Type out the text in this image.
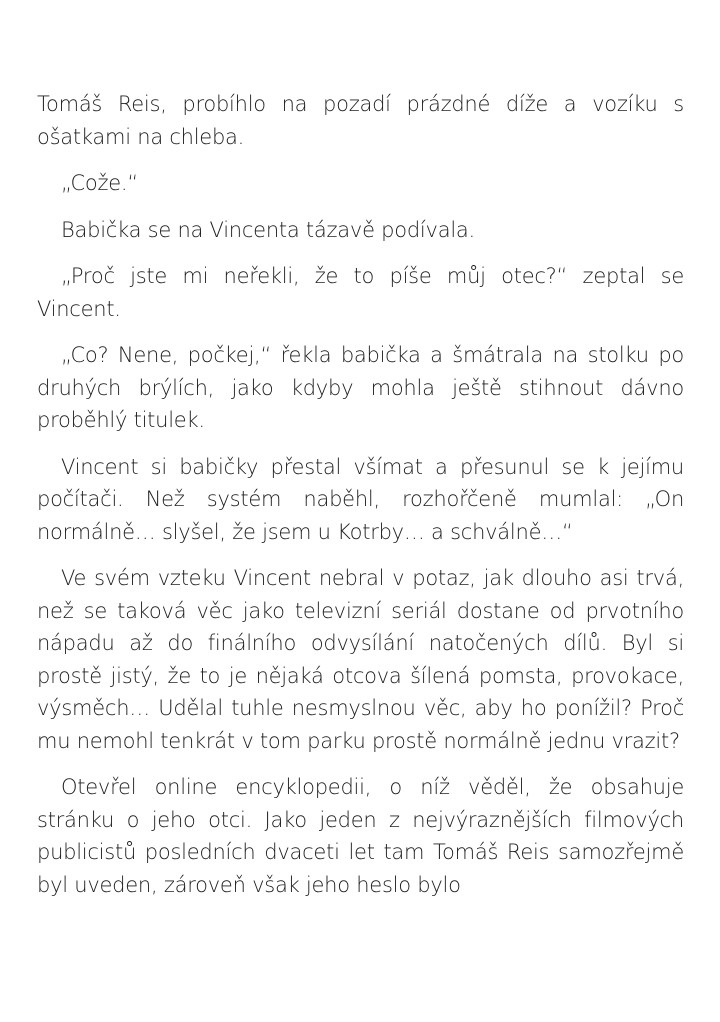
Tomáš Reis, probíhlo na pozadí prázdné díže a vozíku s ošatkami na chleba.

„Cože.“

Babička se na Vincenta tázavě podívala.

„Proč jste mi neřekli, že to píše můj otec?“ zeptal se Vincent.

„Co? Nene, počkej,“ řekla babička a šmátrala na stolku po druhých brýlích, jako kdyby mohla ještě stihnout dávno proběhlý titulek.

Vincent si babičky přestal všímat a přesunul se k jejímu počítači. Než systém naběhl, rozhořčeně mumlal: „On normálně… slyšel, že jsem u Kotrby… a schválně…“

Ve svém vzteku Vincent nebral v potaz, jak dlouho asi trvá, než se taková věc jako televizní seriál dostane od prvotního nápadu až do finálního odvysílání natočených dílů. Byl si prostě jistý, že to je nějaká otcova šílená pomsta, provokace, výsměch… Udělal tuhle nesmyslnou věc, aby ho ponížil? Proč mu nemohl tenkrát v tom parku prostě normálně jednu vrazit?

Otevřel online encyklopedii, o níž věděl, že obsahuje stránku o jeho otci. Jako jeden z nejvýraznějších filmových publicistů posledních dvaceti let tam Tomáš Reis samozřejmě byl uveden, zároveň však jeho heslo bylo
